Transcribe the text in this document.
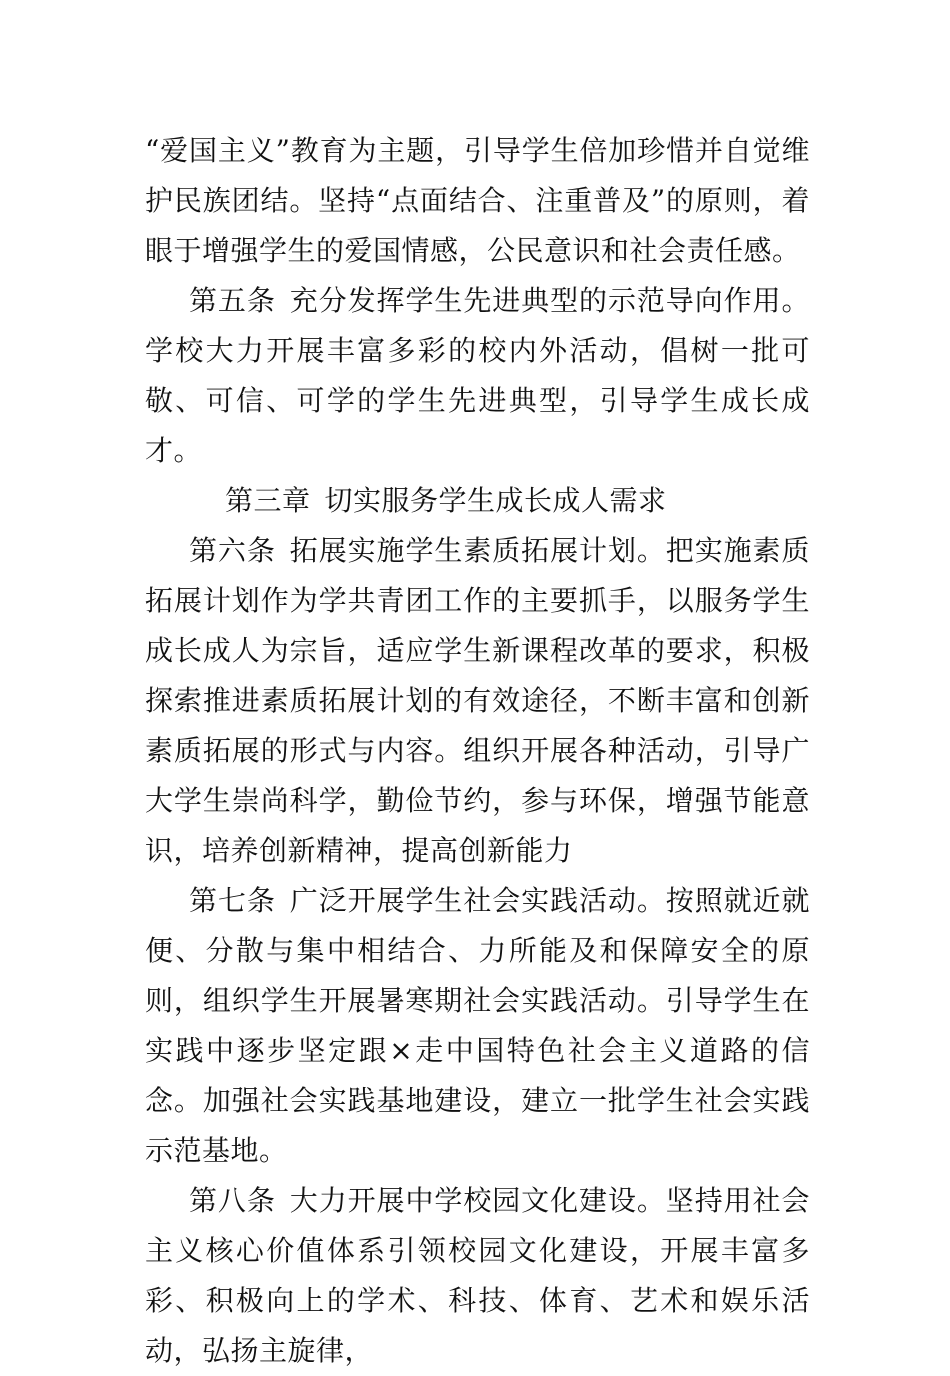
“爱国主义”教育为主题，引导学生倍加珍惜并自觉维护民族团结。坚持“点面结合、注重普及”的原则，着眼于增强学生的爱国情感，公民意识和社会责任感。

第五条 充分发挥学生先进典型的示范导向作用。学校大力开展丰富多彩的校内外活动，倡树一批可敬、可信、可学的学生先进典型，引导学生成长成才。

第三章 切实服务学生成长成人需求

第六条 拓展实施学生素质拓展计划。把实施素质拓展计划作为学共青团工作的主要抓手，以服务学生成长成人为宗旨，适应学生新课程改革的要求，积极探索推进素质拓展计划的有效途径，不断丰富和创新素质拓展的形式与内容。组织开展各种活动，引导广大学生崇尚科学，勤俭节约，参与环保，增强节能意识，培养创新精神，提高创新能力

第七条 广泛开展学生社会实践活动。按照就近就便、分散与集中相结合、力所能及和保障安全的原则，组织学生开展暑寒期社会实践活动。引导学生在实践中逐步坚定跟×走中国特色社会主义道路的信念。加强社会实践基地建设，建立一批学生社会实践示范基地。

第八条 大力开展中学校园文化建设。坚持用社会主义核心价值体系引领校园文化建设，开展丰富多彩、积极向上的学术、科技、体育、艺术和娱乐活动，弘扬主旋律，
